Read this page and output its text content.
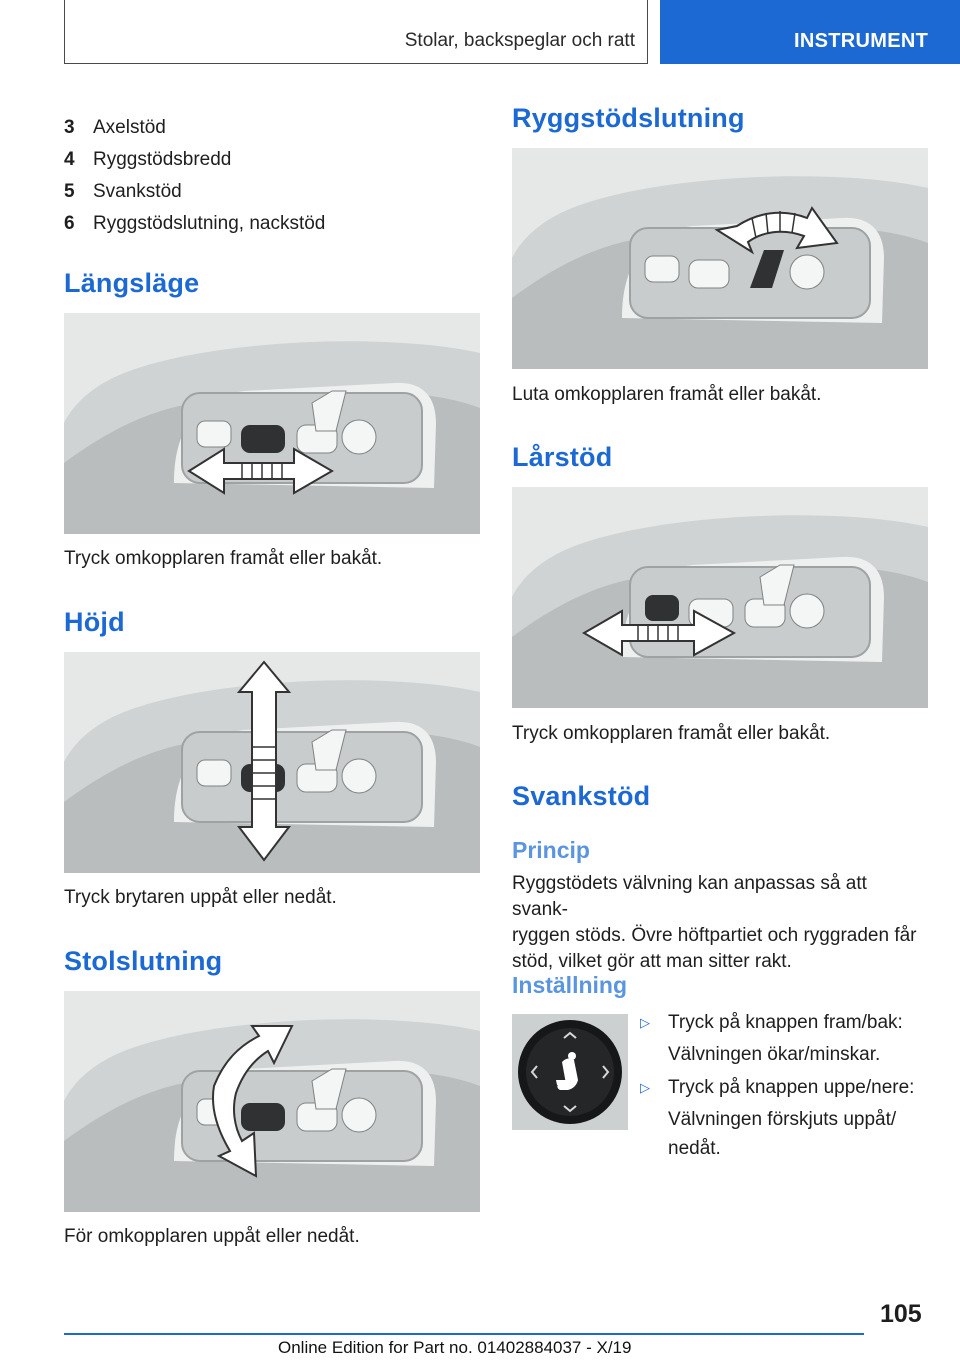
Stolar, backspeglar och ratt	INSTRUMENT
3 Axelstöd
4 Ryggstödsbredd
5 Svankstöd
6 Ryggstödslutning, nackstöd
Längsläge

Tryck omkopplaren framåt eller bakåt.

Höjd

Tryck brytaren uppåt eller nedåt.

Stolslutning

För omkopplaren uppåt eller nedåt.

Ryggstödslutning

Luta omkopplaren framåt eller bakåt.

Lårstöd

Tryck omkopplaren framåt eller bakåt.

Svankstöd
Princip
Ryggstödets välvning kan anpassas så att svank-
ryggen stöds. Övre höftpartiet och ryggraden får
stöd, vilket gör att man sitter rakt.
Inställning
▷ Tryck på knappen fram/bak:
Välvningen ökar/minskar.
▷ Tryck på knappen uppe/nere:
Välvningen förskjuts uppåt/
nedåt.
105
Online Edition for Part no. 01402884037 - X/19
